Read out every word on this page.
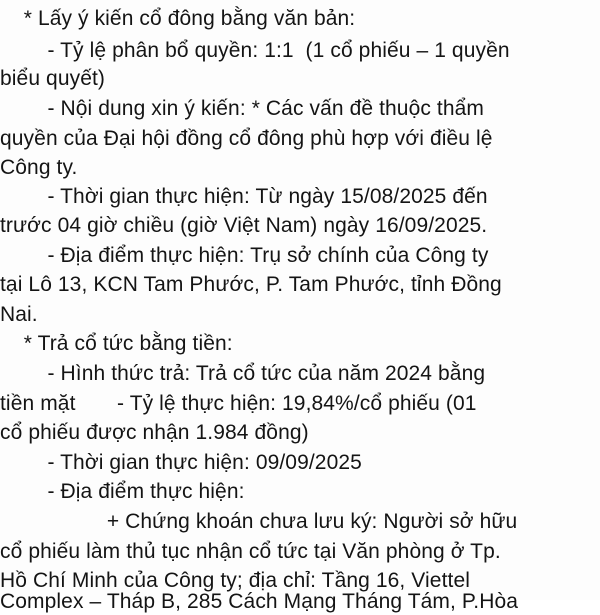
* Lấy ý kiến cổ đông bằng văn bản:
- Tỷ lệ phân bổ quyền: 1:1  (1 cổ phiếu – 1 quyền
biểu quyết)
- Nội dung xin ý kiến: * Các vấn đề thuộc thẩm
quyền của Đại hội đồng cổ đông phù hợp với điều lệ
Công ty.
- Thời gian thực hiện: Từ ngày 15/08/2025 đến
trước 04 giờ chiều (giờ Việt Nam) ngày 16/09/2025.
- Địa điểm thực hiện: Trụ sở chính của Công ty
tại Lô 13, KCN Tam Phước, P. Tam Phước, tỉnh Đồng
Nai.
* Trả cổ tức bằng tiền:
- Hình thức trả: Trả cổ tức của năm 2024 bằng
tiền mặt       - Tỷ lệ thực hiện: 19,84%/cổ phiếu (01
cổ phiếu được nhận 1.984 đồng)
- Thời gian thực hiện: 09/09/2025
- Địa điểm thực hiện:
+ Chứng khoán chưa lưu ký: Người sở hữu
cổ phiếu làm thủ tục nhận cổ tức tại Văn phòng ở Tp.
Hồ Chí Minh của Công ty; địa chỉ: Tầng 16, Viettel
Complex – Tháp B, 285 Cách Mạng Tháng Tám, P.Hòa
